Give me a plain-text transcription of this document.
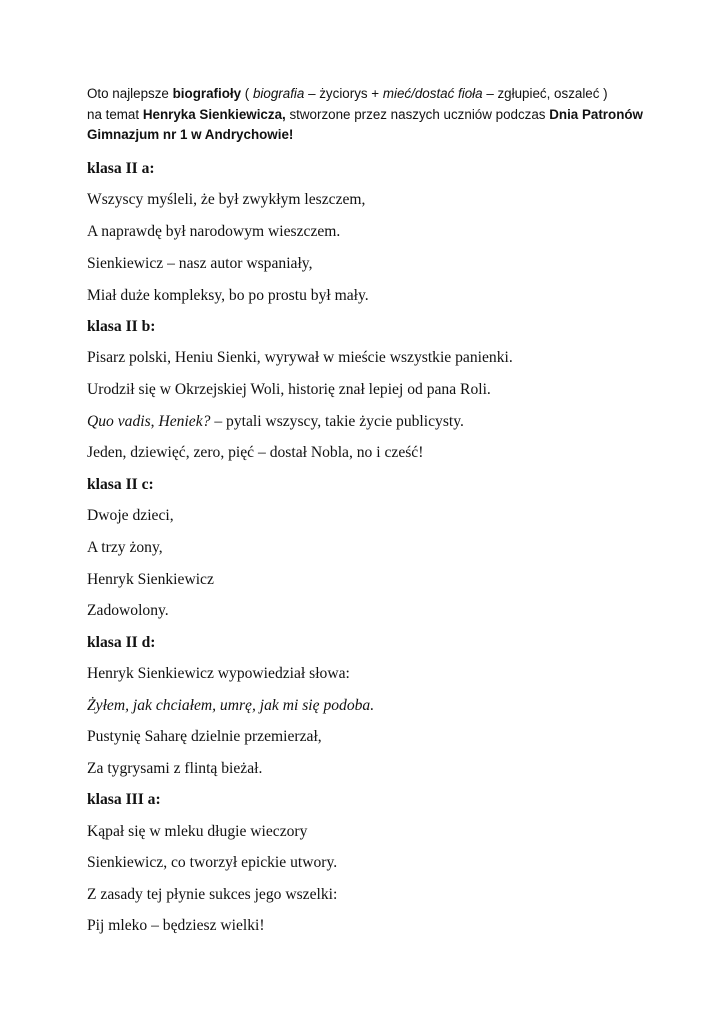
Oto najlepsze biografioły ( biografia – życiorys + mieć/dostać fioła – zgłupieć, oszaleć )
na temat Henryka Sienkiewicza, stworzone przez naszych uczniów podczas Dnia Patronów
Gimnazjum nr 1 w Andrychowie!
klasa II a:
Wszyscy myśleli, że był zwykłym leszczem,
A naprawdę był narodowym wieszczem.
Sienkiewicz – nasz autor wspaniały,
Miał duże kompleksy, bo po prostu był mały.
klasa II b:
Pisarz polski, Heniu Sienki, wyrywał w mieście wszystkie panienki.
Urodził się w Okrzejskiej Woli, historię znał lepiej od pana Roli.
Quo vadis, Heniek? – pytali wszyscy, takie życie publicysty.
Jeden, dziewięć, zero, pięć – dostał Nobla, no i cześć!
klasa II c:
Dwoje dzieci,
A trzy żony,
Henryk Sienkiewicz
Zadowolony.
klasa II d:
Henryk Sienkiewicz wypowiedział słowa:
Żyłem, jak chciałem, umrę, jak mi się podoba.
Pustynię Saharę dzielnie przemierzał,
Za tygrysami z flintą bieżał.
klasa III a:
Kąpał się w mleku długie wieczory
Sienkiewicz, co tworzył epickie utwory.
Z zasady tej płynie sukces jego wszelki:
Pij mleko – będziesz wielki!
